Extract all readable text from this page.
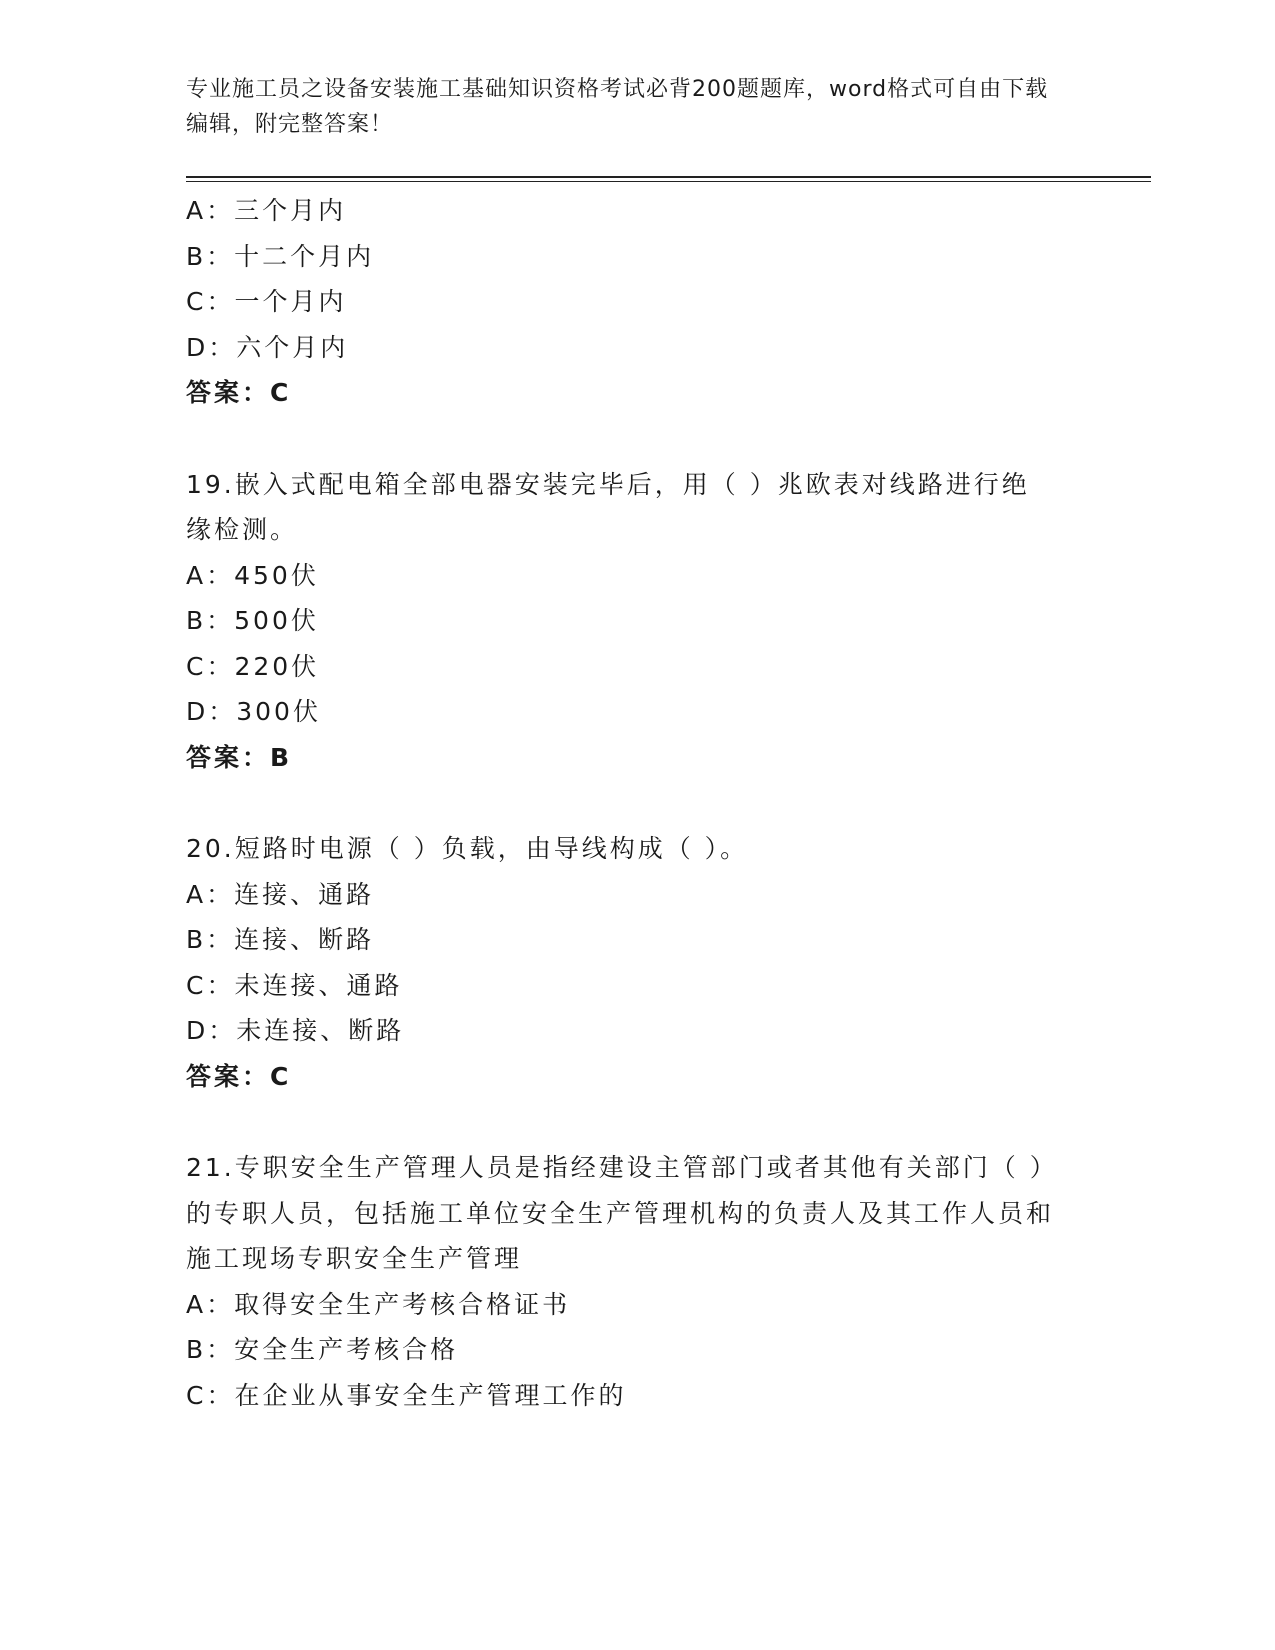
专业施工员之设备安装施工基础知识资格考试必背200题题库，word格式可自由下载编辑，附完整答案！
A：三个月内
B：十二个月内
C：一个月内
D：六个月内
答案：C
19.嵌入式配电箱全部电器安装完毕后，用（ ）兆欧表对线路进行绝缘检测。
A：450伏
B：500伏
C：220伏
D：300伏
答案：B
20.短路时电源（ ）负载，由导线构成（ ）。
A：连接、通路
B：连接、断路
C：未连接、通路
D：未连接、断路
答案：C
21.专职安全生产管理人员是指经建设主管部门或者其他有关部门（ ）的专职人员，包括施工单位安全生产管理机构的负责人及其工作人员和施工现场专职安全生产管理
A：取得安全生产考核合格证书
B：安全生产考核合格
C：在企业从事安全生产管理工作的
